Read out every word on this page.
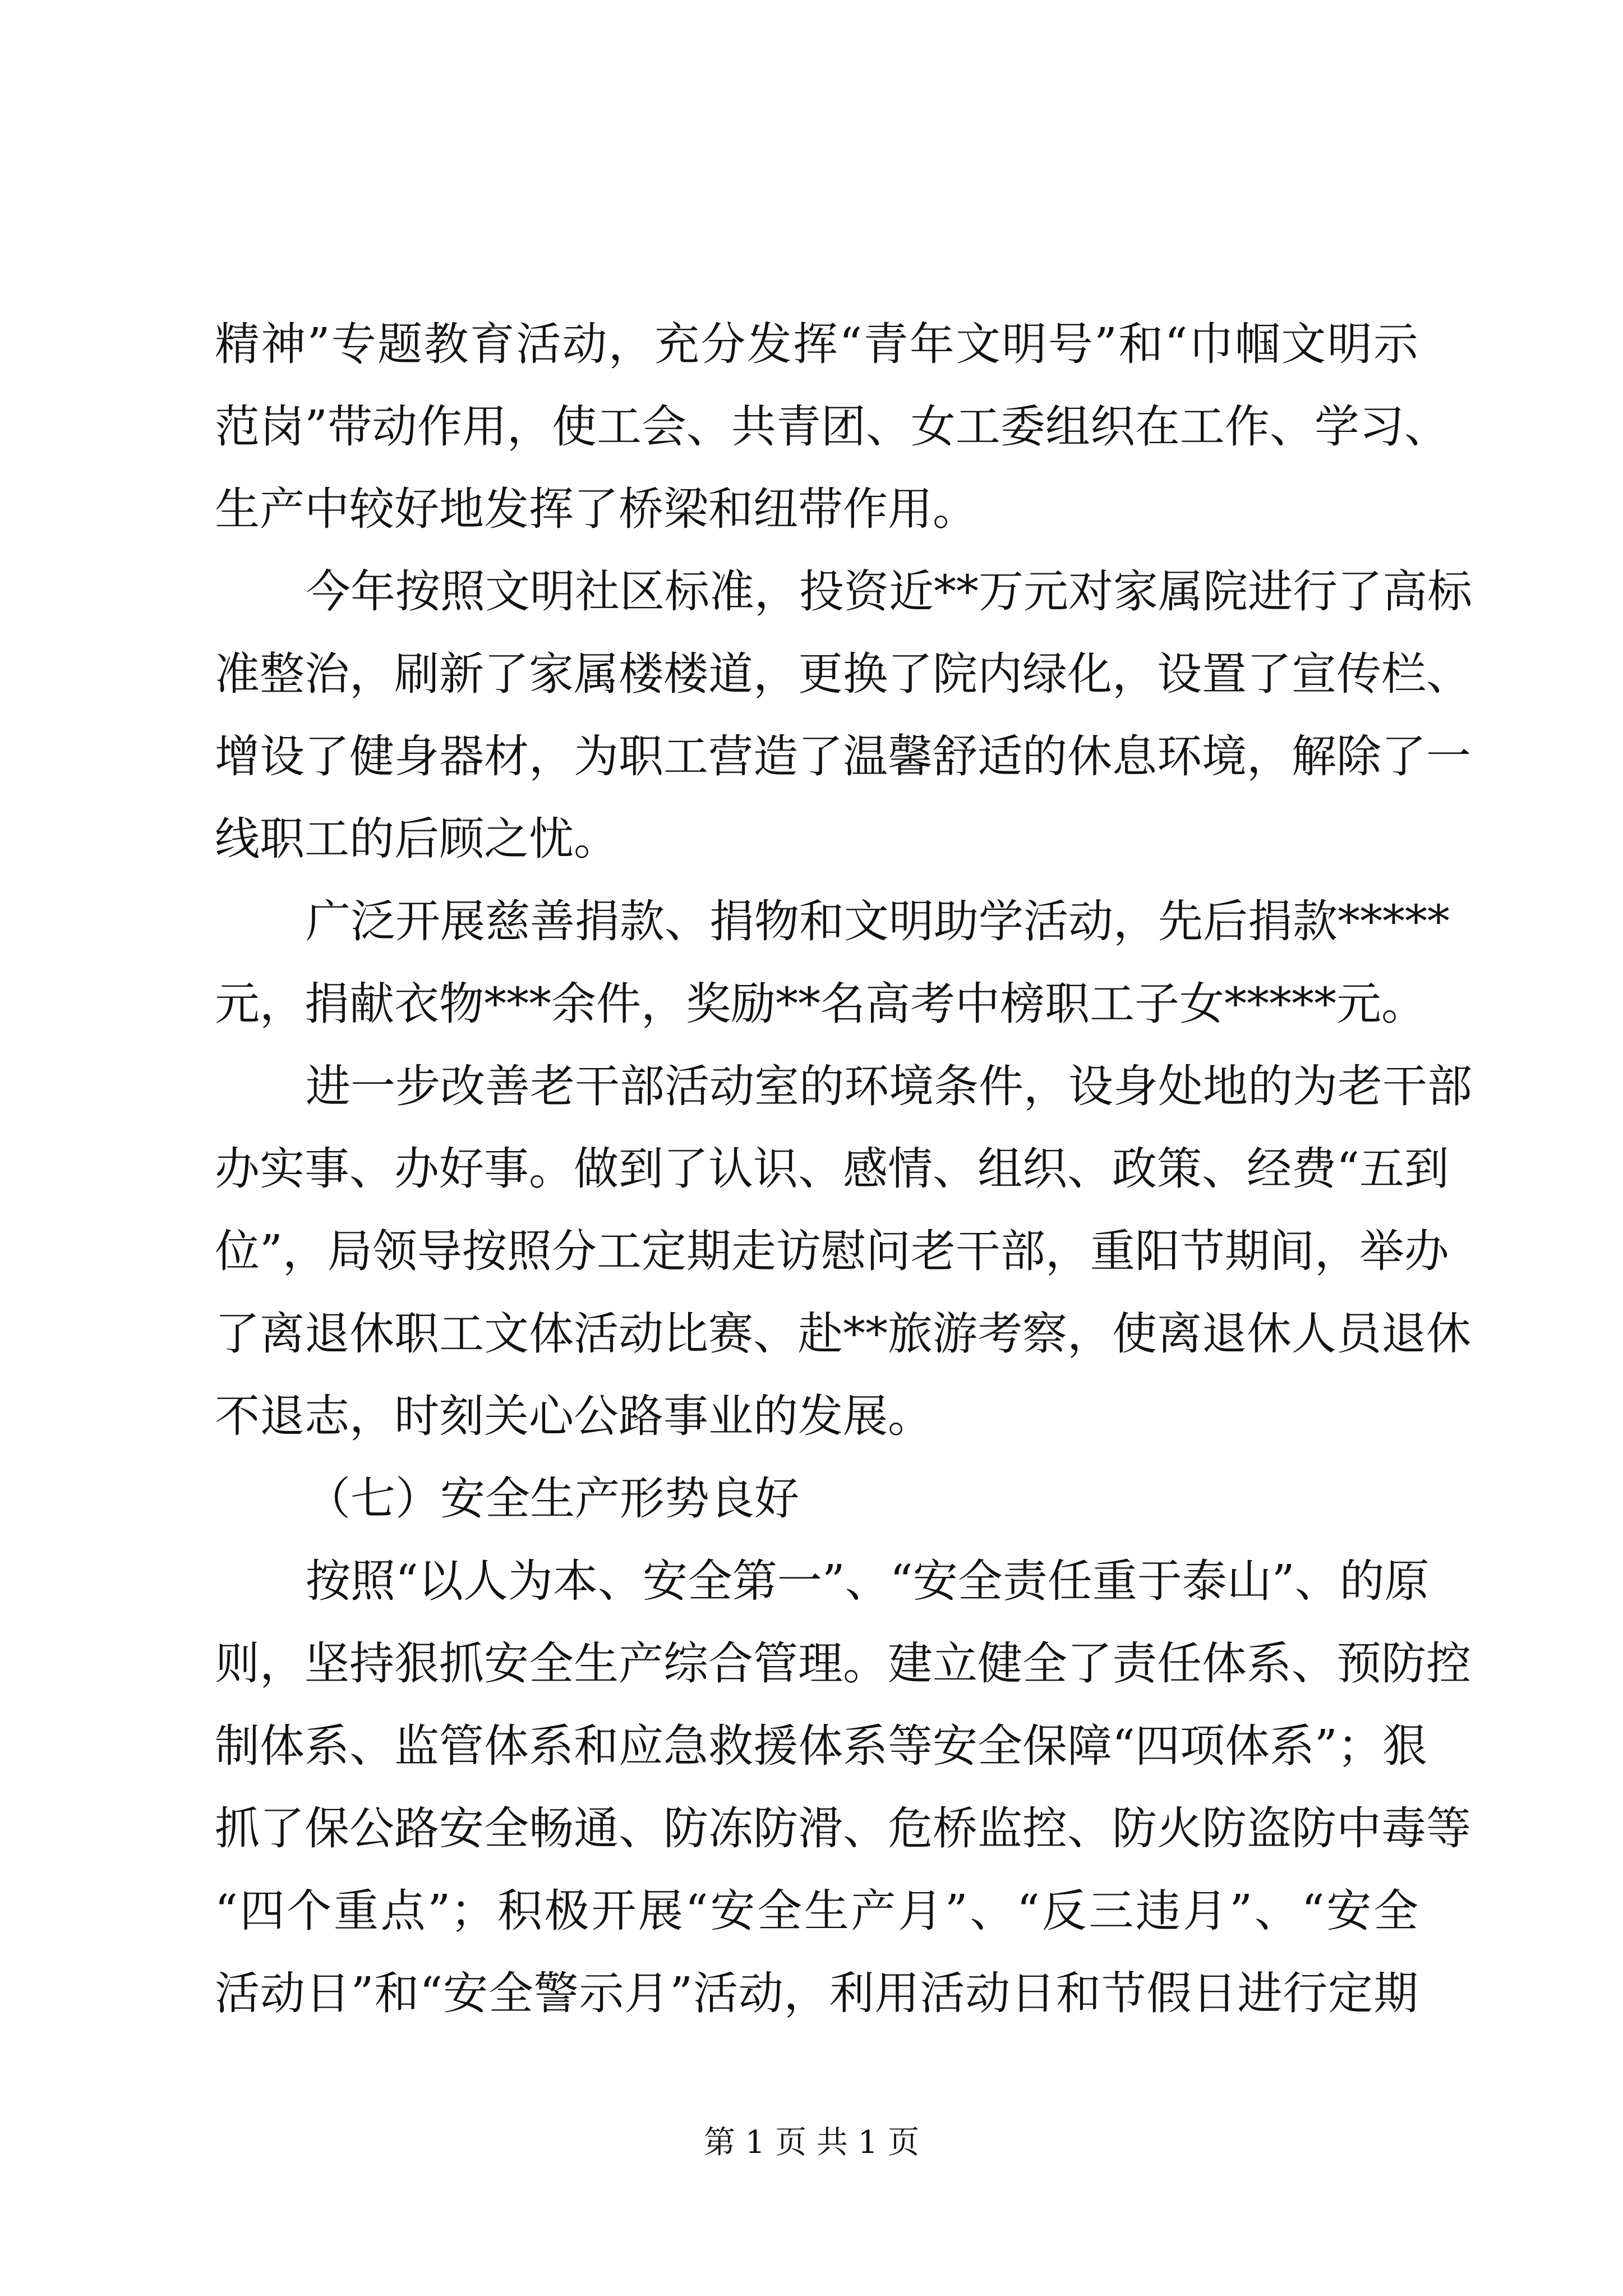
精神”专题教育活动，充分发挥“青年文明号”和“巾帼文明示
范岗”带动作用，使工会、共青团、女工委组织在工作、学习、
生产中较好地发挥了桥梁和纽带作用。
今年按照文明社区标准，投资近**万元对家属院进行了高标
准整治，刷新了家属楼楼道，更换了院内绿化，设置了宣传栏、
增设了健身器材，为职工营造了温馨舒适的休息环境，解除了一
线职工的后顾之忧。
广泛开展慈善捐款、捐物和文明助学活动，先后捐款*****
元，捐献衣物***余件，奖励**名高考中榜职工子女*****元。
进一步改善老干部活动室的环境条件，设身处地的为老干部
办实事、办好事。做到了认识、感情、组织、政策、经费“五到
位”，局领导按照分工定期走访慰问老干部，重阳节期间，举办
了离退休职工文体活动比赛、赴**旅游考察，使离退休人员退休
不退志，时刻关心公路事业的发展。
（七）安全生产形势良好
按照“以人为本、安全第一”、“安全责任重于泰山”、的原
则，坚持狠抓安全生产综合管理。建立健全了责任体系、预防控
制体系、监管体系和应急救援体系等安全保障“四项体系”；狠
抓了保公路安全畅通、防冻防滑、危桥监控、防火防盗防中毒等
“四个重点”；积极开展“安全生产月”、“反三违月”、“安全
活动日”和“安全警示月”活动，利用活动日和节假日进行定期
第 1 页 共 1 页
